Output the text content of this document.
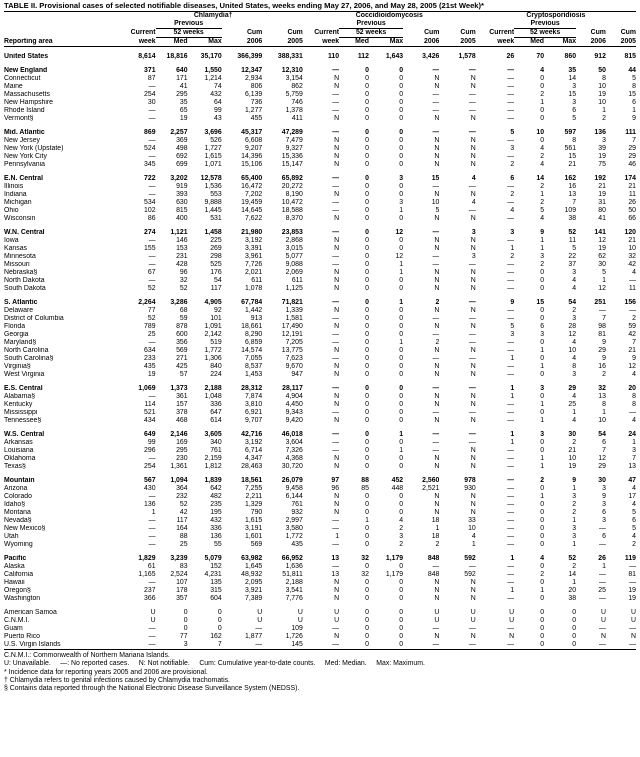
TABLE II. Provisional cases of selected notifiable diseases, United States, weeks ending May 27, 2006, and May 28, 2005 (21st Week)*
	Chlamydia†					Coccidioidomycosis					Cryptosporidiosis				
		Previous					Previous					Previous			
	Current	52 weeks		Cum	Cum	Current	52 weeks		Cum	Cum	Current	52 weeks		Cum	Cum
Reporting area	week	Med	Max	2006	2005	week	Med	Max	2006	2005	week	Med	Max	2006	2005

United States	8,614	18,816	35,170	366,399	388,331	110	112	1,643	3,426	1,578	26	70	860	912	815

New England	371	640	1,550	12,347	12,310	—	0	0	—	—	—	4	35	50	44
Connecticut	87	171	1,214	2,934	3,154	N	0	0	N	N	—	0	14	8	5
Maine	—	41	74	806	862	N	0	0	N	N	—	0	3	10	8
Massachusetts	254	295	432	6,139	5,759	—	0	0	—	—	—	2	15	19	15
New Hampshire	30	35	64	736	746	—	0	0	—	—	—	1	3	10	6
Rhode Island	—	65	99	1,277	1,378	—	0	0	—	—	—	0	6	1	1
Vermont§	—	19	43	455	411	N	0	0	N	N	—	0	5	2	9

Mid. Atlantic	869	2,257	3,696	45,317	47,289	—	0	0	—	—	5	10	597	136	111
New Jersey	—	369	526	6,608	7,479	N	0	0	N	N	—	0	8	3	7
New York (Upstate)	524	498	1,727	9,207	9,327	N	0	0	N	N	3	4	561	39	29
New York City	—	692	1,615	14,396	15,336	N	0	0	N	N	—	2	15	19	29
Pennsylvania	345	699	1,071	15,106	15,147	N	0	0	N	N	2	4	21	75	46

E.N. Central	722	3,202	12,578	65,400	65,892	—	0	3	15	4	6	14	162	192	174
Illinois	—	919	1,536	16,472	20,272	—	0	0	—	—	—	2	16	21	21
Indiana	—	393	553	7,202	8,190	N	0	0	N	N	2	1	13	19	11
Michigan	534	630	9,888	19,459	10,472	—	0	3	10	4	—	2	7	31	26
Ohio	102	815	1,445	14,645	18,588	—	0	1	5	—	4	5	109	80	50
Wisconsin	86	400	531	7,622	8,370	N	0	0	N	N	—	4	38	41	66

W.N. Central	274	1,121	1,458	21,980	23,853	—	0	12	—	3	3	9	52	141	120
Iowa	—	146	225	3,192	2,868	N	0	0	N	N	—	1	11	12	21
Kansas	155	153	269	3,391	3,015	N	0	0	N	N	1	1	5	19	10
Minnesota	—	231	298	3,961	5,077	—	0	12	—	3	2	3	22	62	32
Missouri	—	428	525	7,726	9,088	—	0	1	—	—	—	2	37	30	42
Nebraska§	67	96	176	2,021	2,069	N	0	1	N	N	—	0	3	5	4
North Dakota	—	32	54	611	611	N	0	0	N	N	—	0	4	1	—
South Dakota	52	52	117	1,078	1,125	N	0	0	N	N	—	0	4	12	11

S. Atlantic	2,264	3,286	4,905	67,784	71,821	—	0	1	2	—	9	15	54	251	156
Delaware	77	68	92	1,442	1,339	N	0	0	N	N	—	0	2	—	—
District of Columbia	52	59	101	913	1,581	—	0	0	—	—	—	0	3	7	2
Florida	789	878	1,091	18,661	17,490	N	0	0	N	N	5	6	28	98	59
Georgia	25	600	2,142	8,290	12,191	—	0	0	—	—	3	3	12	81	42
Maryland§	—	356	519	6,859	7,205	—	0	1	2	—	—	0	4	9	7
North Carolina	634	569	1,772	14,574	13,775	N	0	0	N	N	—	1	10	29	21
South Carolina§	233	271	1,306	7,055	7,623	—	0	0	—	—	1	0	4	9	9
Virginia§	435	425	840	8,537	9,670	N	0	0	N	N	—	1	8	16	12
West Virginia	19	57	224	1,453	947	N	0	0	N	N	—	0	3	2	4

E.S. Central	1,069	1,373	2,188	28,312	28,117	—	0	0	—	—	1	3	29	32	20
Alabama§	—	361	1,048	7,874	4,904	N	0	0	N	N	1	0	4	13	8
Kentucky	114	157	336	3,810	4,450	N	0	0	N	N	—	1	25	8	8
Mississippi	521	378	647	6,921	9,343	—	0	0	—	—	—	0	1	1	—
Tennessee§	434	468	614	9,707	9,420	N	0	0	N	N	—	1	4	10	4

W.S. Central	649	2,146	3,605	42,716	46,018	—	0	1	—	—	1	3	30	54	24
Arkansas	99	169	340	3,192	3,604	—	0	0	—	—	1	0	2	6	1
Louisiana	296	295	761	6,714	7,326	—	0	1	—	N	—	0	21	7	3
Oklahoma	—	230	2,159	4,347	4,368	N	0	0	N	N	—	1	10	12	7
Texas§	254	1,361	1,812	28,463	30,720	N	0	0	N	N	—	1	19	29	13

Mountain	567	1,094	1,839	18,561	26,079	97	88	452	2,560	978	—	2	9	30	47
Arizona	430	364	642	7,255	9,458	96	85	448	2,521	930	—	0	1	3	4
Colorado	—	232	482	2,211	6,144	N	0	0	N	N	—	1	3	9	17
Idaho§	136	52	235	1,329	761	N	0	0	N	N	—	0	2	3	4
Montana	1	42	195	790	932	N	0	0	N	N	—	0	2	6	5
Nevada§	—	117	432	1,615	2,997	—	1	4	18	33	—	0	1	3	6
New Mexico§	—	164	336	3,191	3,580	—	0	2	1	10	—	0	3	—	5
Utah	—	88	136	1,601	1,772	1	0	3	18	4	—	0	3	6	4
Wyoming	—	25	55	569	435	—	0	2	2	1	—	0	1	—	2

Pacific	1,829	3,239	5,079	63,982	66,952	13	32	1,179	848	592	1	4	52	26	119
Alaska	61	83	152	1,645	1,636	—	0	0	—	—	—	0	2	1	—
California	1,165	2,524	4,231	48,932	51,811	13	32	1,179	848	592	—	2	14	—	81
Hawaii	—	107	135	2,095	2,188	N	0	0	N	N	—	0	1	—	—
Oregon§	237	178	315	3,921	3,541	N	0	0	N	N	1	1	20	25	19
Washington	366	357	604	7,389	7,776	N	0	0	N	N	—	0	38	—	19

American Samoa	U	0	0	U	U	U	0	0	U	U	U	0	0	U	U
C.N.M.I.	U	0	0	U	U	U	0	0	U	U	U	0	0	U	U
Guam	—	0	0	—	109	—	0	0	—	—	—	0	0	—	—
Puerto Rico	—	77	162	1,877	1,726	N	0	0	N	N	N	0	0	N	N
U.S. Virgin Islands	—	3	7	—	145	—	0	0	—	—	—	0	0	—	—
C.N.M.I.: Commonwealth of Northern Mariana Islands.
U: Unavailable.     —: No reported cases.     N: Not notifiable.     Cum: Cumulative year-to-date counts.     Med: Median.     Max: Maximum.
* Incidence data for reporting years 2005 and 2006 are provisional.
† Chlamydia refers to genital infections caused by Chlamydia trachomatis.
§ Contains data reported through the National Electronic Disease Surveillance System (NEDSS).
